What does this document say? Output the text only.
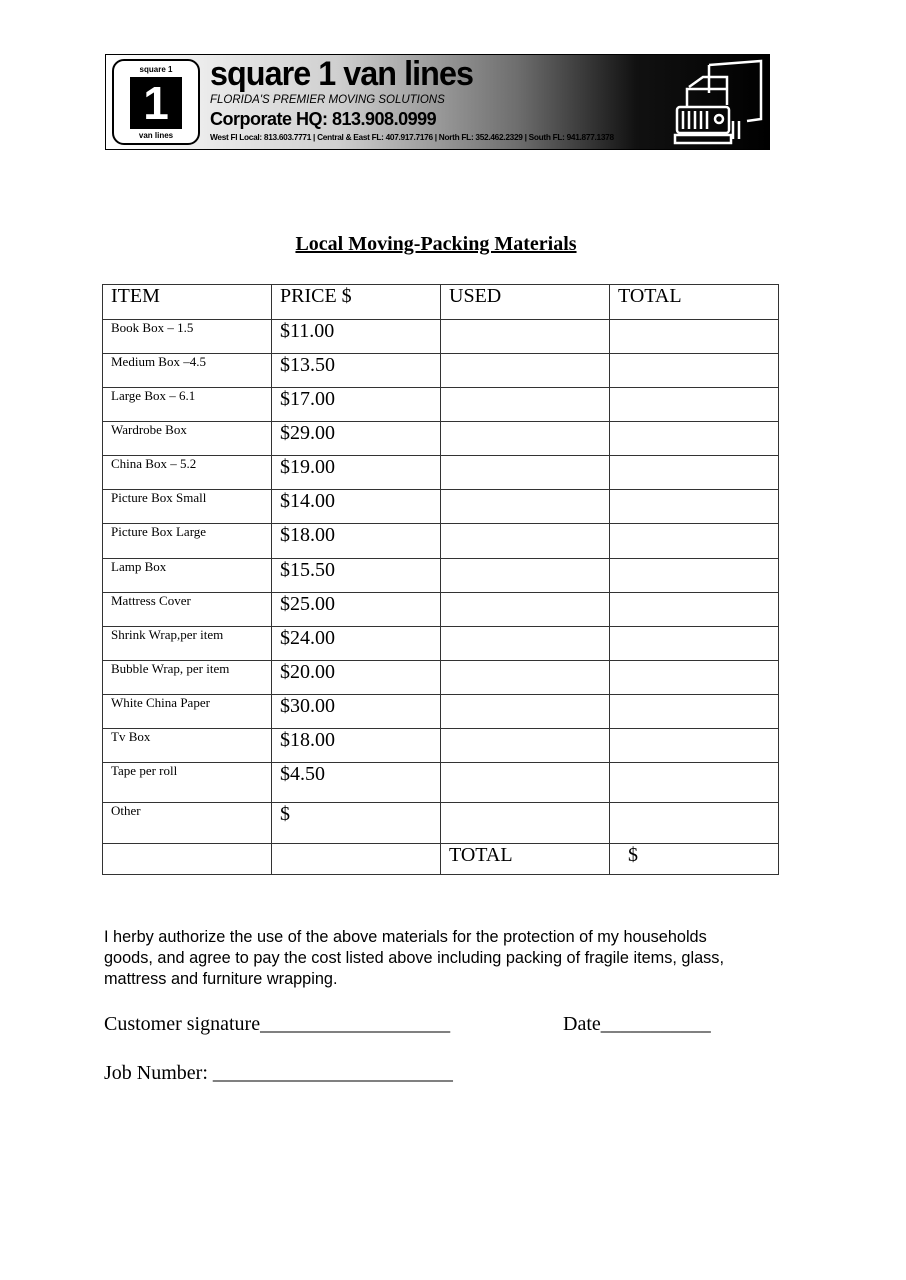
square 1
1
van lines
square 1 van lines
FLORIDA'S PREMIER MOVING SOLUTIONS
Corporate HQ: 813.908.0999
West Fl Local: 813.603.7771 | Central & East FL: 407.917.7176 | North FL: 352.462.2329 | South FL: 941.877.1378
Local Moving-Packing Materials
ITEM	PRICE $	USED	TOTAL
Book Box – 1.5	$11.00		
Medium Box –4.5	$13.50		
Large Box – 6.1	$17.00		
Wardrobe Box	$29.00		
China Box – 5.2	$19.00		
Picture Box Small	$14.00		
Picture Box Large	$18.00		
Lamp Box	$15.50		
Mattress Cover	$25.00		
Shrink Wrap,per item	$24.00		
Bubble Wrap, per item	$20.00		
White China Paper	$30.00		
Tv Box	$18.00		
Tape per roll	$4.50		
Other	$		
		TOTAL	$
I herby authorize the use of the above materials for the protection of my households goods, and agree to pay the cost listed above including packing of fragile items, glass, mattress and furniture wrapping.
Customer signature___________________	Date___________
Job Number: ________________________
